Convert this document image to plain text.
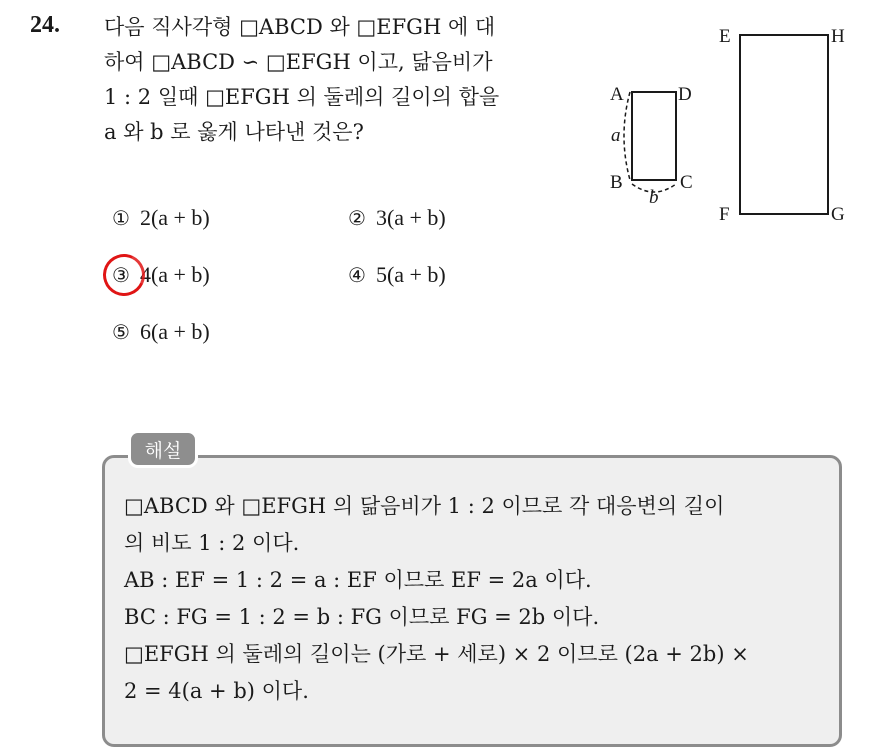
24. 다음 직사각형 □ABCD 와 □EFGH 에 대
하여 □ABCD ∽ □EFGH 이고, 닮음비가
1 : 2 일때 □EFGH 의 둘레의 길이의 합을
a 와 b 로 옳게 나타낸 것은?
A	D
B	C
a
b
E	H
F	G
① 2(a + b)	② 3(a + b)
③ 4(a + b)	④ 5(a + b)
⑤ 6(a + b)
해설
□ABCD 와 □EFGH 의 닮음비가 1 : 2 이므로 각 대응변의 길이
의 비도 1 : 2 이다.
AB : EF = 1 : 2 = a : EF 이므로 EF = 2a 이다.
BC : FG = 1 : 2 = b : FG 이므로 FG = 2b 이다.
□EFGH 의 둘레의 길이는 (가로 + 세로) × 2 이므로 (2a + 2b) ×
2 = 4(a + b) 이다.
